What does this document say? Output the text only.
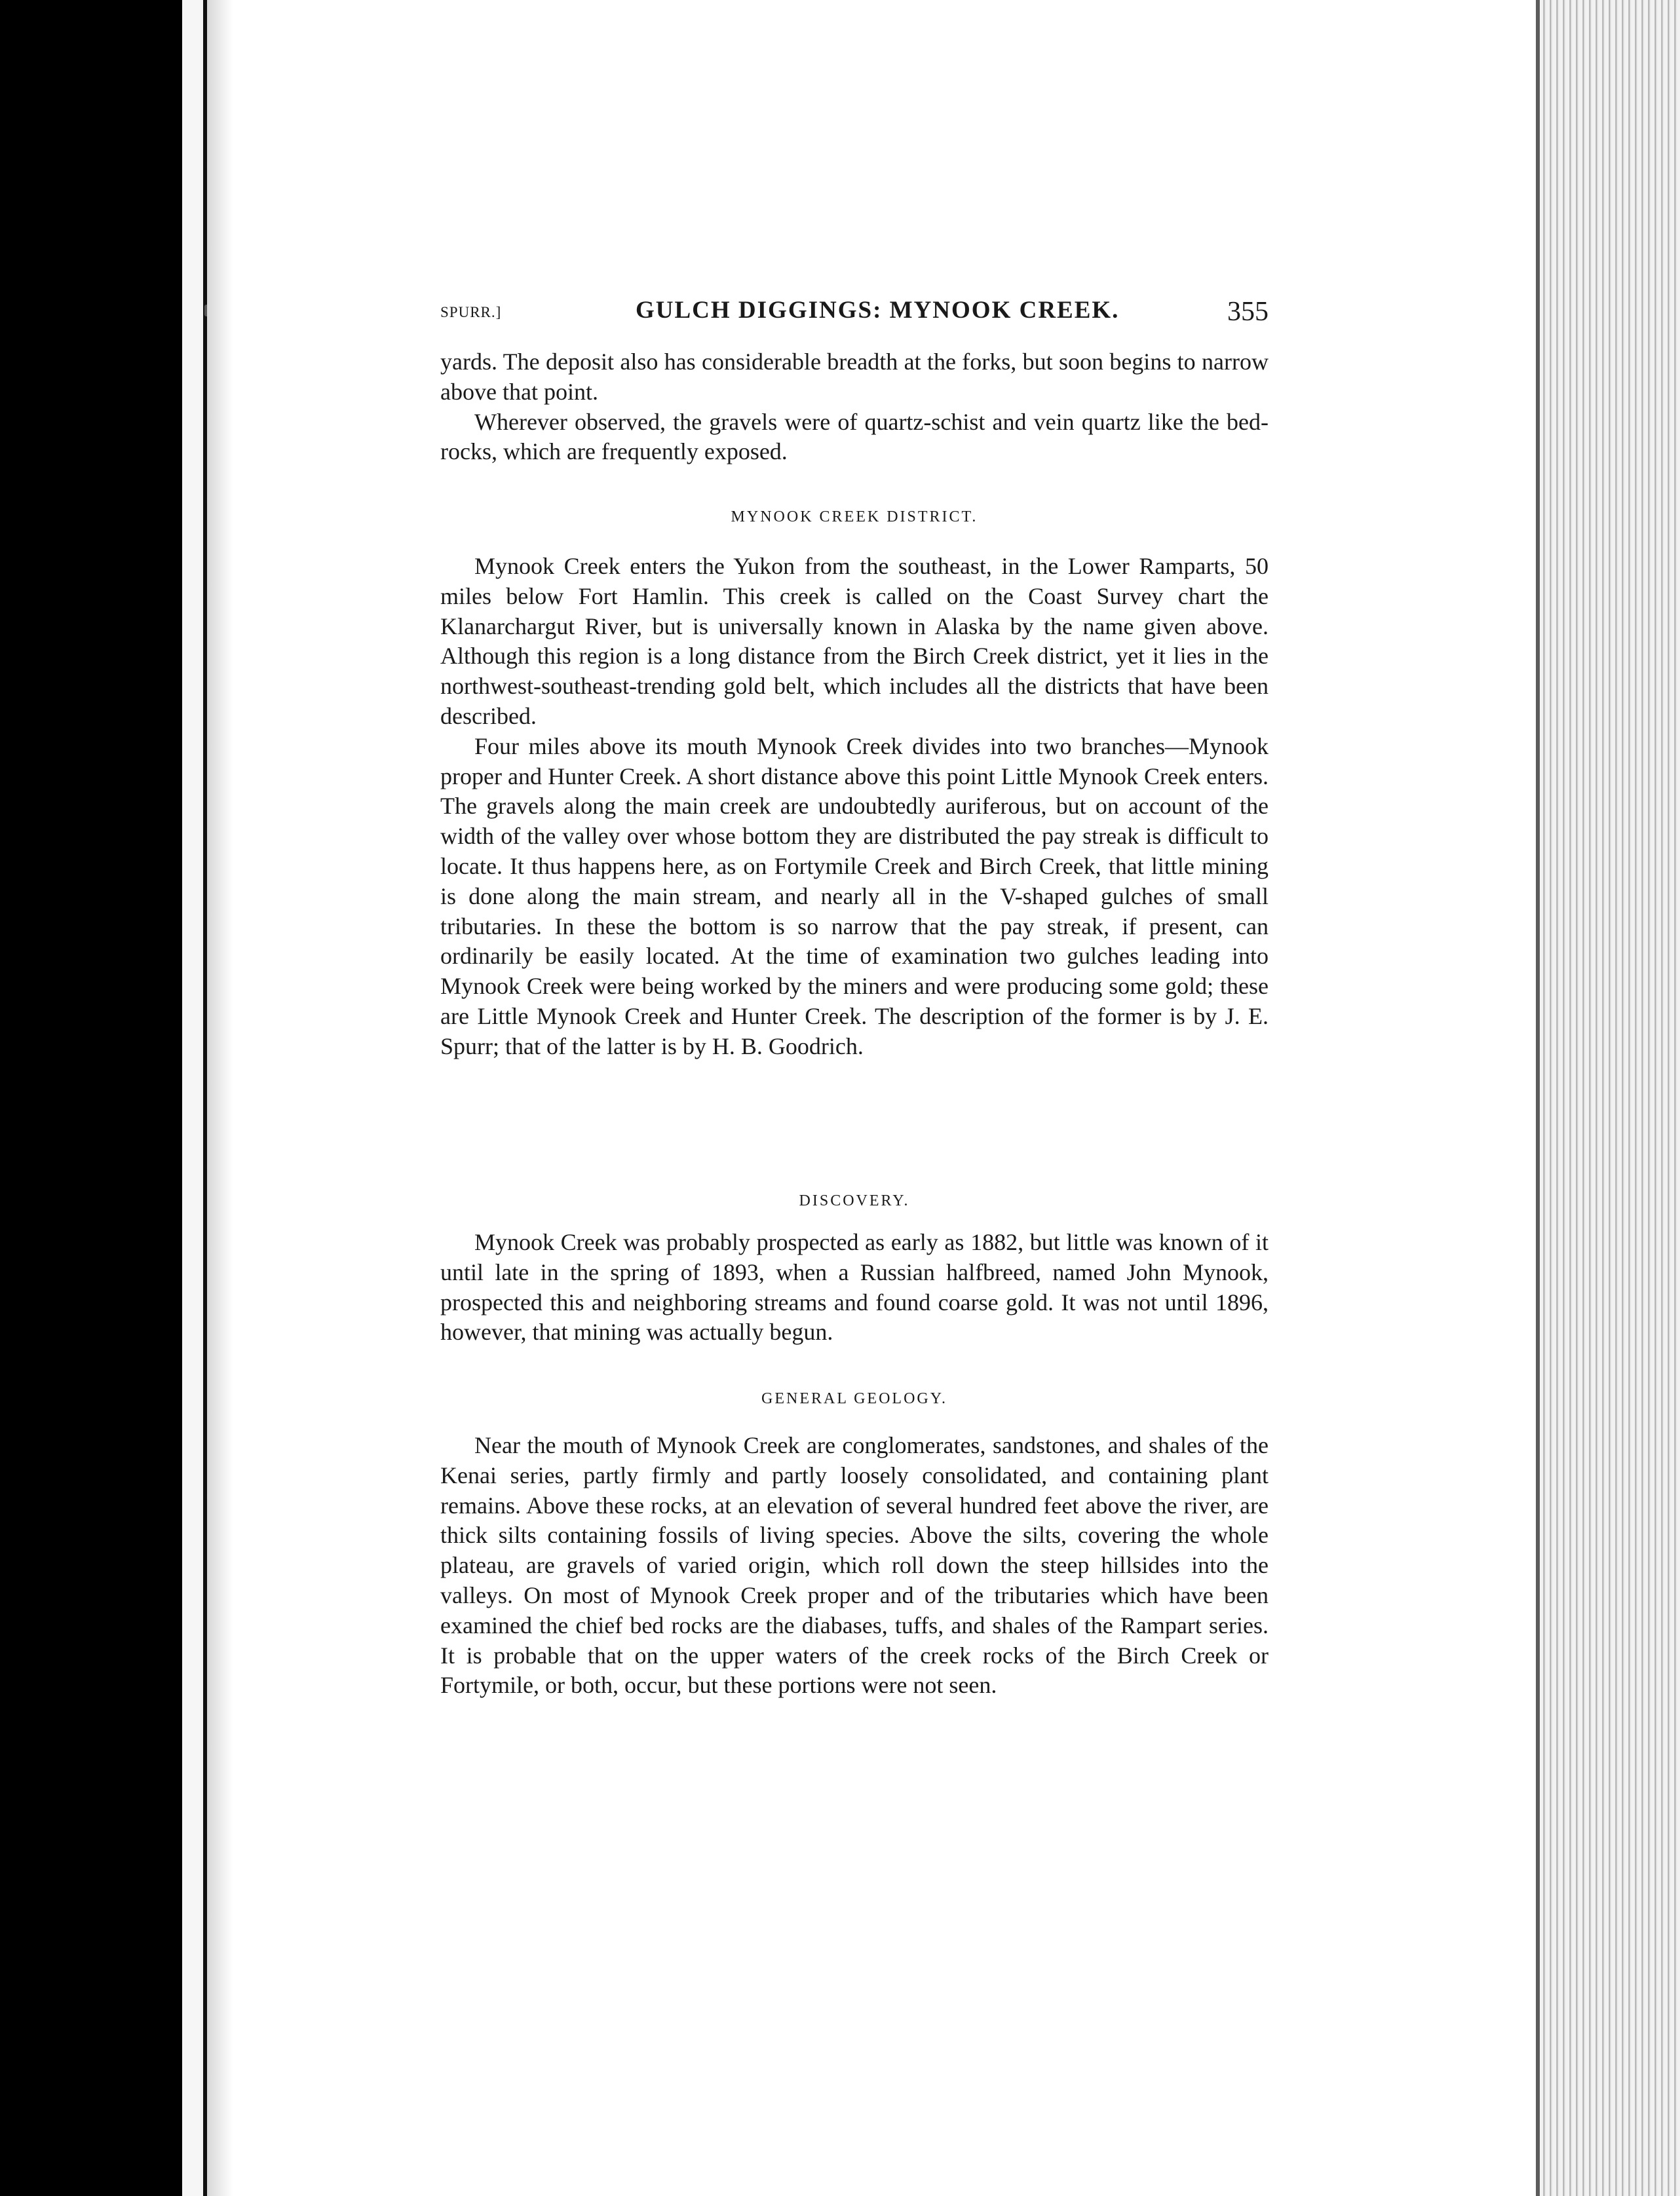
SPURR.]	GULCH DIGGINGS: MYNOOK CREEK.	355

yards. The deposit also has considerable breadth at the forks, but soon begins to narrow above that point.

Wherever observed, the gravels were of quartz-schist and vein quartz like the bed-rocks, which are frequently exposed.

MYNOOK CREEK DISTRICT.

Mynook Creek enters the Yukon from the southeast, in the Lower Ramparts, 50 miles below Fort Hamlin. This creek is called on the Coast Survey chart the Klanarchargut River, but is universally known in Alaska by the name given above. Although this region is a long distance from the Birch Creek district, yet it lies in the northwest-southeast-trending gold belt, which includes all the districts that have been described.

Four miles above its mouth Mynook Creek divides into two branches—Mynook proper and Hunter Creek. A short distance above this point Little Mynook Creek enters. The gravels along the main creek are undoubtedly auriferous, but on account of the width of the valley over whose bottom they are distributed the pay streak is difficult to locate. It thus happens here, as on Fortymile Creek and Birch Creek, that little mining is done along the main stream, and nearly all in the V-shaped gulches of small tributaries. In these the bottom is so narrow that the pay streak, if present, can ordinarily be easily located. At the time of examination two gulches leading into Mynook Creek were being worked by the miners and were producing some gold; these are Little Mynook Creek and Hunter Creek. The description of the former is by J. E. Spurr; that of the latter is by H. B. Goodrich.

DISCOVERY.

Mynook Creek was probably prospected as early as 1882, but little was known of it until late in the spring of 1893, when a Russian halfbreed, named John Mynook, prospected this and neighboring streams and found coarse gold. It was not until 1896, however, that mining was actually begun.

GENERAL GEOLOGY.

Near the mouth of Mynook Creek are conglomerates, sandstones, and shales of the Kenai series, partly firmly and partly loosely consolidated, and containing plant remains. Above these rocks, at an elevation of several hundred feet above the river, are thick silts containing fossils of living species. Above the silts, covering the whole plateau, are gravels of varied origin, which roll down the steep hillsides into the valleys. On most of Mynook Creek proper and of the tributaries which have been examined the chief bed rocks are the diabases, tuffs, and shales of the Rampart series. It is probable that on the upper waters of the creek rocks of the Birch Creek or Fortymile, or both, occur, but these portions were not seen.
